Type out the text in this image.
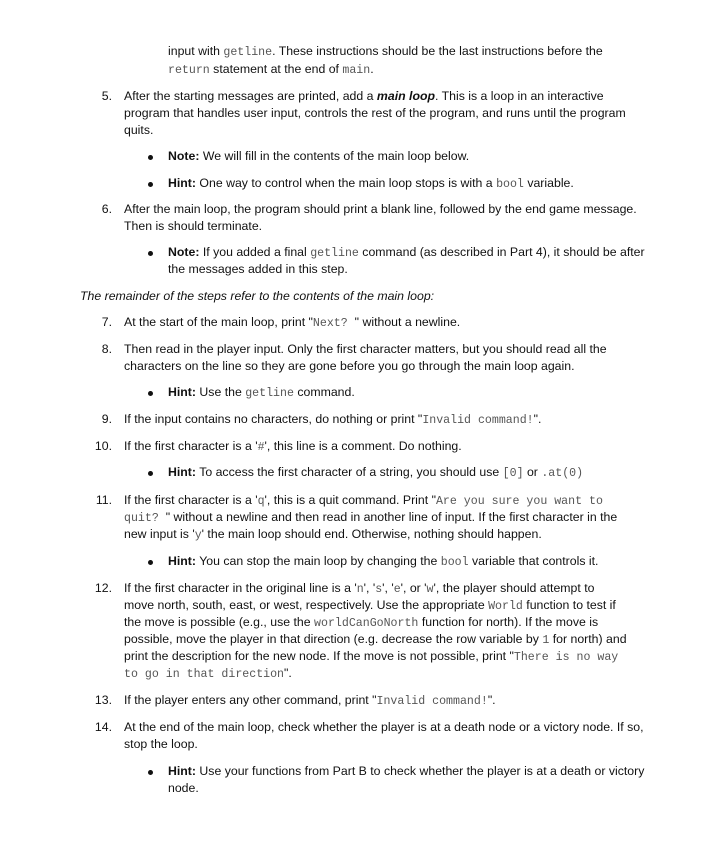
input with getline. These instructions should be the last instructions before the
return statement at the end of main.
5. After the starting messages are printed, add a main loop. This is a loop in an interactive
program that handles user input, controls the rest of the program, and runs until the program
quits.
Note: We will fill in the contents of the main loop below.
Hint: One way to control when the main loop stops is with a bool variable.
6. After the main loop, the program should print a blank line, followed by the end game message.
Then is should terminate.
Note: If you added a final getline command (as described in Part 4), it should be after
the messages added in this step.
The remainder of the steps refer to the contents of the main loop:
7. At the start of the main loop, print "Next? " without a newline.
8. Then read in the player input. Only the first character matters, but you should read all the
characters on the line so they are gone before you go through the main loop again.
Hint: Use the getline command.
9. If the input contains no characters, do nothing or print "Invalid command!".
10. If the first character is a '#', this line is a comment. Do nothing.
Hint: To access the first character of a string, you should use [0] or .at(0)
11. If the first character is a 'q', this is a quit command. Print "Are you sure you want to
quit? " without a newline and then read in another line of input. If the first character in the
new input is 'y' the main loop should end. Otherwise, nothing should happen.
Hint: You can stop the main loop by changing the bool variable that controls it.
12. If the first character in the original line is a 'n', 's', 'e', or 'w', the player should attempt to
move north, south, east, or west, respectively. Use the appropriate World function to test if
the move is possible (e.g., use the worldCanGoNorth function for north). If the move is
possible, move the player in that direction (e.g. decrease the row variable by 1 for north) and
print the description for the new node. If the move is not possible, print "There is no way
to go in that direction".
13. If the player enters any other command, print "Invalid command!".
14. At the end of the main loop, check whether the player is at a death node or a victory node. If so,
stop the loop.
Hint: Use your functions from Part B to check whether the player is at a death or victory
node.
